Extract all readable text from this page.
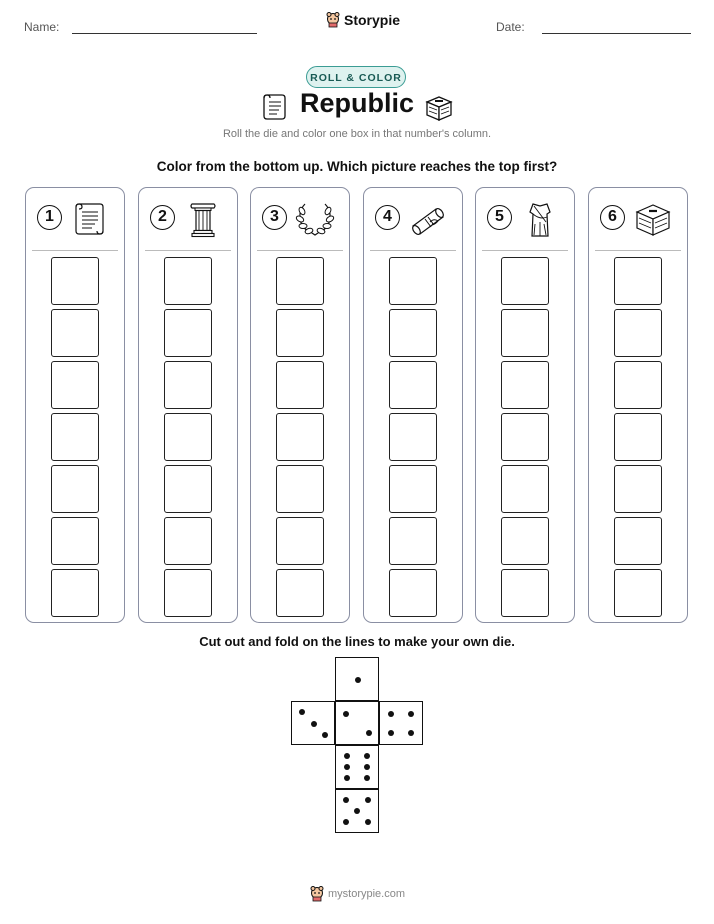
Name:	Storypie	Date:
ROLL & COLOR
Republic
Roll the die and color one box in that number's column.
Color from the bottom up. Which picture reaches the top first?
1	2	3	4	5	6
Cut out and fold on the lines to make your own die.
mystorypie.com
